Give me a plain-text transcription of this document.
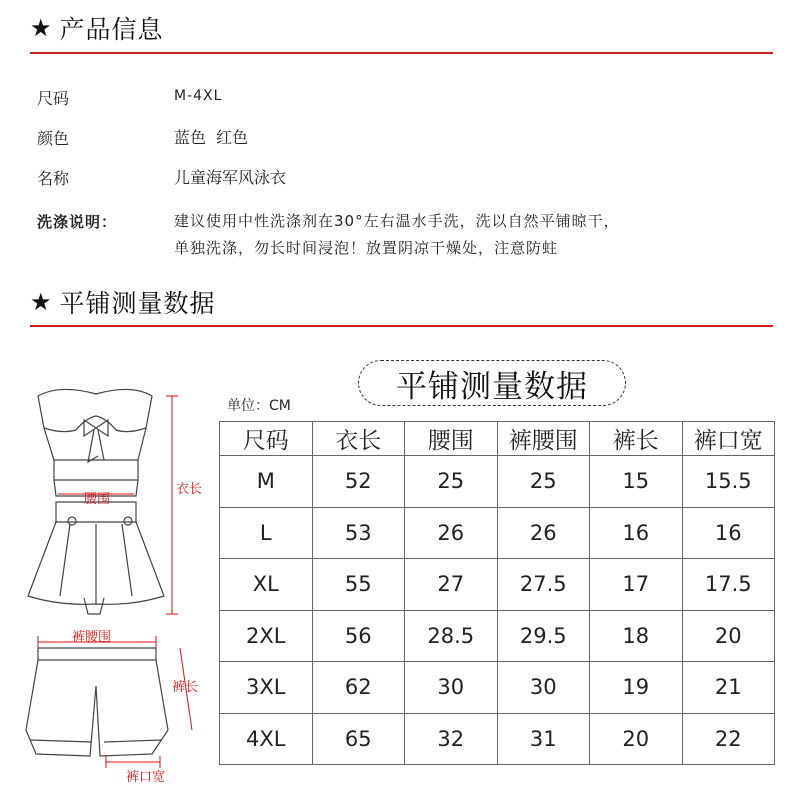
★ 产品信息
尺码	M-4XL
颜色	蓝色  红色
名称	儿童海军风泳衣
洗涤说明：	建议使用中性洗涤剂在30°左右温水手洗，洗以自然平铺晾干，
单独洗涤，勿长时间浸泡！放置阴凉干燥处，注意防蛀
★ 平铺测量数据
平铺测量数据
单位：CM
衣长
腰围
裤腰围
裤长
裤口宽
尺码	衣长	腰围	裤腰围	裤长	裤口宽
M	52	25	25	15	15.5
L	53	26	26	16	16
XL	55	27	27.5	17	17.5
2XL	56	28.5	29.5	18	20
3XL	62	30	30	19	21
4XL	65	32	31	20	22
